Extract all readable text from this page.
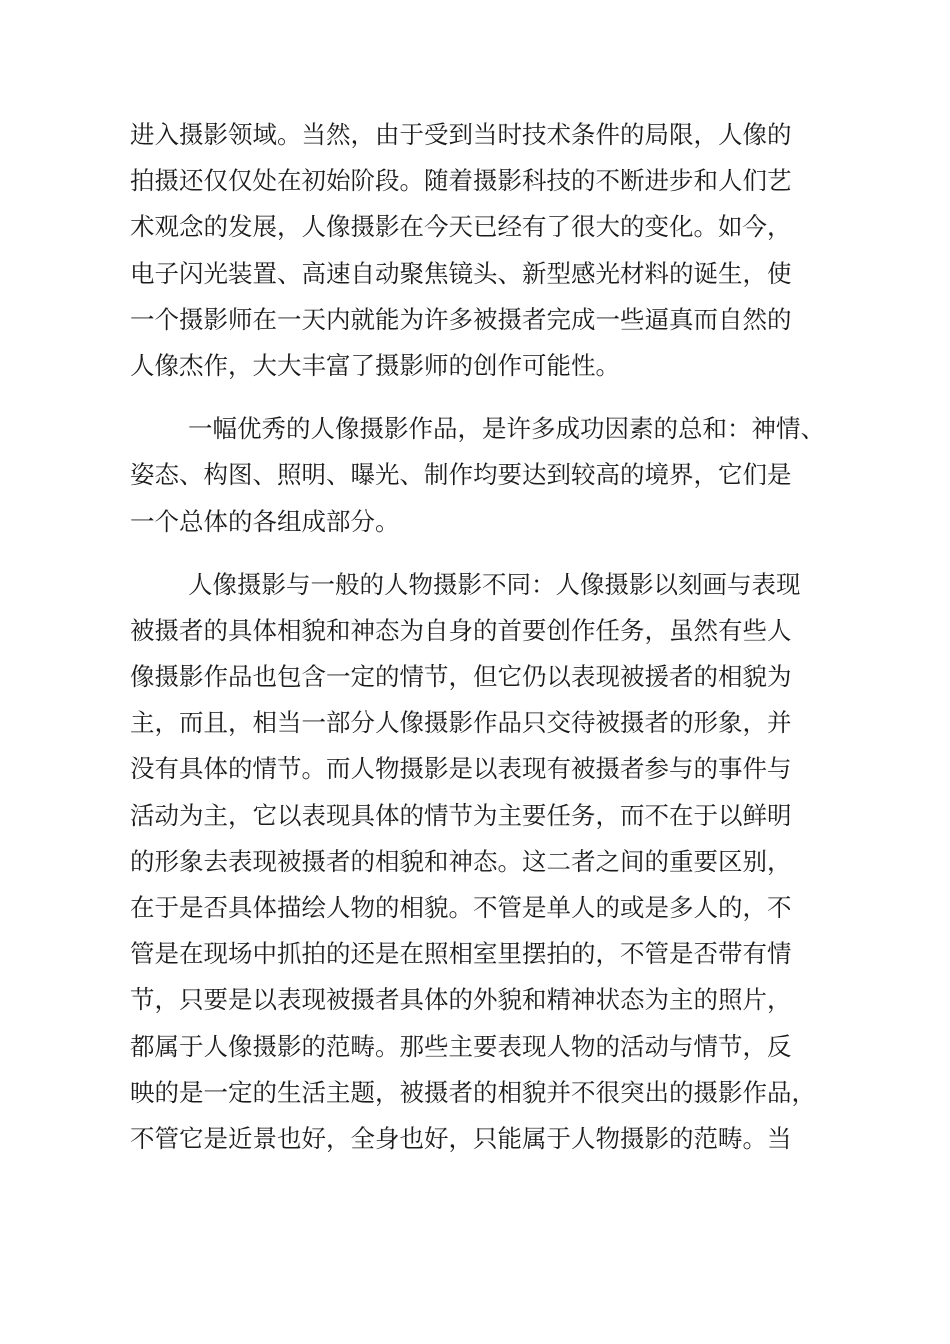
进入摄影领域。当然，由于受到当时技术条件的局限，人像的
拍摄还仅仅处在初始阶段。随着摄影科技的不断进步和人们艺
术观念的发展，人像摄影在今天已经有了很大的变化。如今，
电子闪光装置、高速自动聚焦镜头、新型感光材料的诞生，使
一个摄影师在一天内就能为许多被摄者完成一些逼真而自然的
人像杰作，大大丰富了摄影师的创作可能性。
一幅优秀的人像摄影作品，是许多成功因素的总和：神情、
姿态、构图、照明、曝光、制作均要达到较高的境界，它们是
一个总体的各组成部分。
人像摄影与一般的人物摄影不同：人像摄影以刻画与表现
被摄者的具体相貌和神态为自身的首要创作任务，虽然有些人
像摄影作品也包含一定的情节，但它仍以表现被援者的相貌为
主，而且，相当一部分人像摄影作品只交待被摄者的形象，并
没有具体的情节。而人物摄影是以表现有被摄者参与的事件与
活动为主，它以表现具体的情节为主要任务，而不在于以鲜明
的形象去表现被摄者的相貌和神态。这二者之间的重要区别，
在于是否具体描绘人物的相貌。不管是单人的或是多人的，不
管是在现场中抓拍的还是在照相室里摆拍的，不管是否带有情
节，只要是以表现被摄者具体的外貌和精神状态为主的照片，
都属于人像摄影的范畴。那些主要表现人物的活动与情节，反
映的是一定的生活主题，被摄者的相貌并不很突出的摄影作品，
不管它是近景也好，全身也好，只能属于人物摄影的范畴。当
